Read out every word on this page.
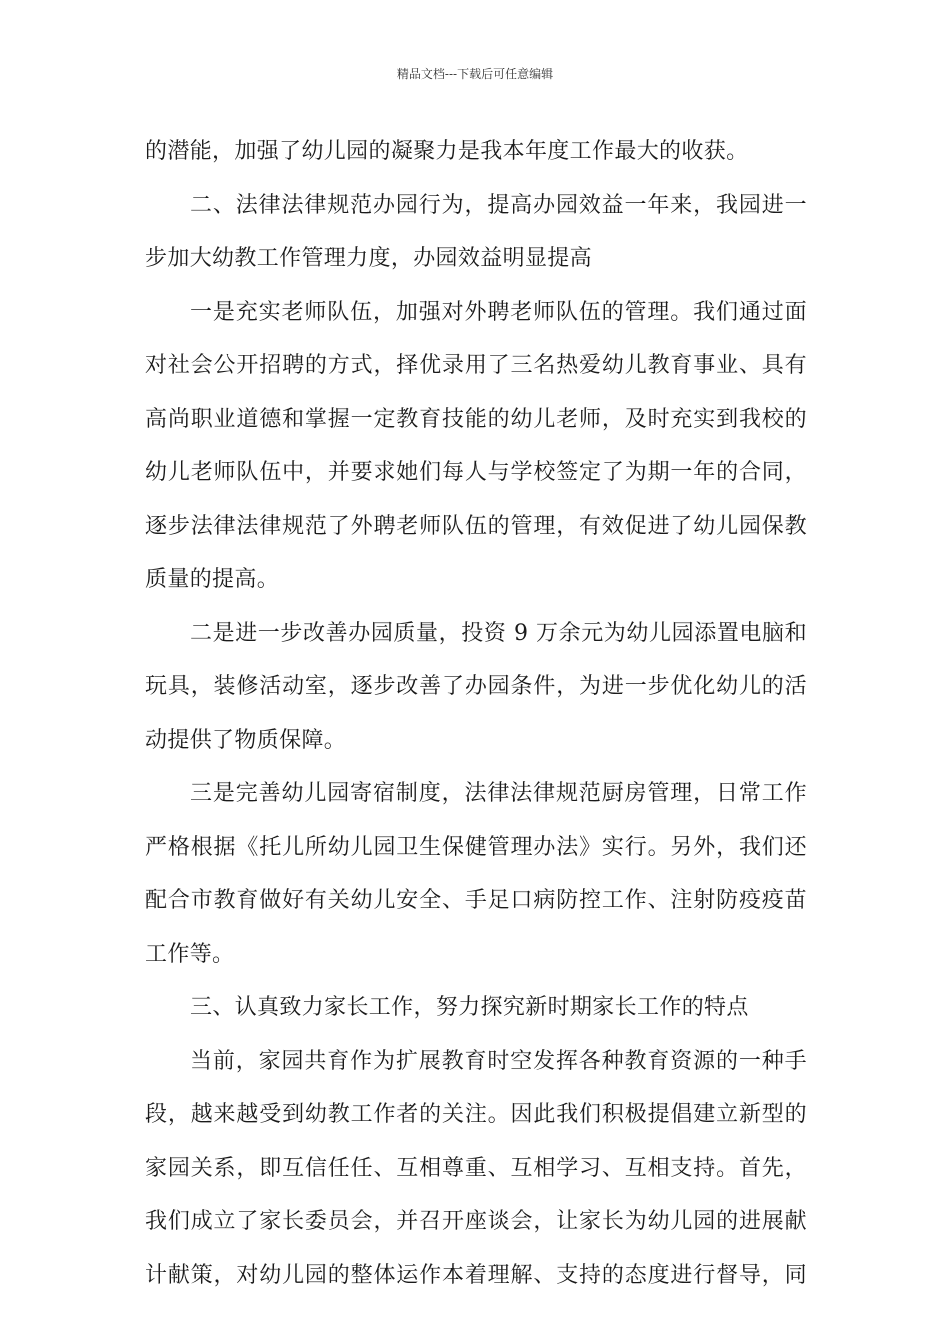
精品文档---下载后可任意编辑
的潜能，加强了幼儿园的凝聚力是我本年度工作最大的收获。
二、法律法律规范办园行为，提高办园效益一年来，我园进一
步加大幼教工作管理力度，办园效益明显提高
一是充实老师队伍，加强对外聘老师队伍的管理。我们通过面
对社会公开招聘的方式，择优录用了三名热爱幼儿教育事业、具有
高尚职业道德和掌握一定教育技能的幼儿老师，及时充实到我校的
幼儿老师队伍中，并要求她们每人与学校签定了为期一年的合同，
逐步法律法律规范了外聘老师队伍的管理，有效促进了幼儿园保教
质量的提高。
二是进一步改善办园质量，投资 9 万余元为幼儿园添置电脑和
玩具，装修活动室，逐步改善了办园条件，为进一步优化幼儿的活
动提供了物质保障。
三是完善幼儿园寄宿制度，法律法律规范厨房管理，日常工作
严格根据《托儿所幼儿园卫生保健管理办法》实行。另外，我们还
配合市教育做好有关幼儿安全、手足口病防控工作、注射防疫疫苗
工作等。
三、认真致力家长工作，努力探究新时期家长工作的特点
当前，家园共育作为扩展教育时空发挥各种教育资源的一种手
段，越来越受到幼教工作者的关注。因此我们积极提倡建立新型的
家园关系，即互信任任、互相尊重、互相学习、互相支持。首先，
我们成立了家长委员会，并召开座谈会，让家长为幼儿园的进展献
计献策，对幼儿园的整体运作本着理解、支持的态度进行督导，同
